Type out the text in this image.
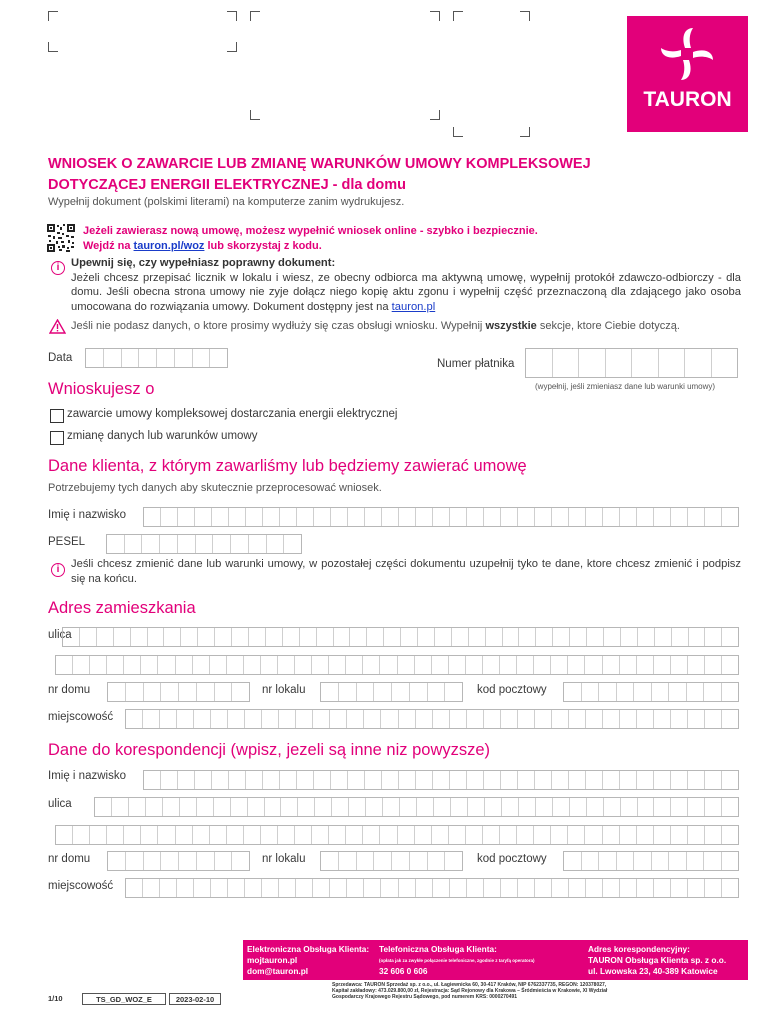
TAURON
WNIOSEK O ZAWARCIE LUB ZMIANĘ WARUNKÓW UMOWY KOMPLEKSOWEJ
DOTYCZĄCEJ ENERGII ELEKTRYCZNEJ - dla domu
Wypełnij dokument (polskimi literami) na komputerze zanim wydrukujesz.
Jeżeli zawierasz nową umowę, możesz wypełnić wniosek online - szybko i bezpiecznie.
Wejdź na tauron.pl/woz lub skorzystaj z kodu.
i	Upewnij się, czy wypełniasz poprawny dokument:
Jeżeli chcesz przepisać licznik w lokalu i wiesz, ze obecny odbiorca ma aktywną umowę, wypełnij protokół zdawczo-odbiorczy - dla domu. Jeśli obecna strona umowy nie zyje dołącz niego kopię aktu zgonu i wypełnij część przeznaczoną dla zdającego jako osoba umocowana do rozwiązania umowy. Dokument dostępny jest na tauron.pl
Jeśli nie podasz danych, o ktore prosimy wydłuży się czas obsługi wniosku. Wypełnij wszystkie sekcje, ktore Ciebie dotyczą.
Data	Numer płatnika
(wypełnij, jeśli zmieniasz dane lub warunki umowy)
Wnioskujesz o
zawarcie umowy kompleksowej dostarczania energii elektrycznej
zmianę danych lub warunków umowy
Dane klienta, z którym zawarliśmy lub będziemy zawierać umowę
Potrzebujemy tych danych aby skutecznie przeprocesować wniosek.
Imię i nazwisko
PESEL
i	Jeśli chcesz zmienić dane lub warunki umowy, w pozostałej części dokumentu uzupełnij tyko te dane, ktore chcesz zmienić i podpisz się na końcu.
Adres zamieszkania
ulica
nr domu	nr lokalu	kod pocztowy
miejscowość
Dane do korespondencji (wpisz, jezeli są inne niz powyzsze)
Imię i nazwisko
ulica
nr domu	nr lokalu	kod pocztowy
miejscowość
Elektroniczna Obsługa Klienta:
mojtauron.pl
dom@tauron.pl
Telefoniczna Obsługa Klienta:
(opłata jak za zwykłe połączenie telefoniczne, zgodnie z taryfą operatora)
32 606 0 606
Adres korespondencyjny:
TAURON Obsługa Klienta sp. z o.o.
ul. Lwowska 23, 40-389 Katowice
Sprzedawca: TAURON Sprzedaż sp. z o.o., ul. Łagiewnicka 60, 30-417 Kraków, NIP 6762337735, REGON: 120378027,
Kapitał zakładowy: 473.029.800,00 zł, Rejestracja: Sąd Rejonowy dla Krakowa – Śródmieścia w Krakowie, XI Wydział
Gospodarczy Krajowego Rejestru Sądowego, pod numerem KRS: 0000270491
1/10	TS_GD_WOZ_E	2023-02-10
